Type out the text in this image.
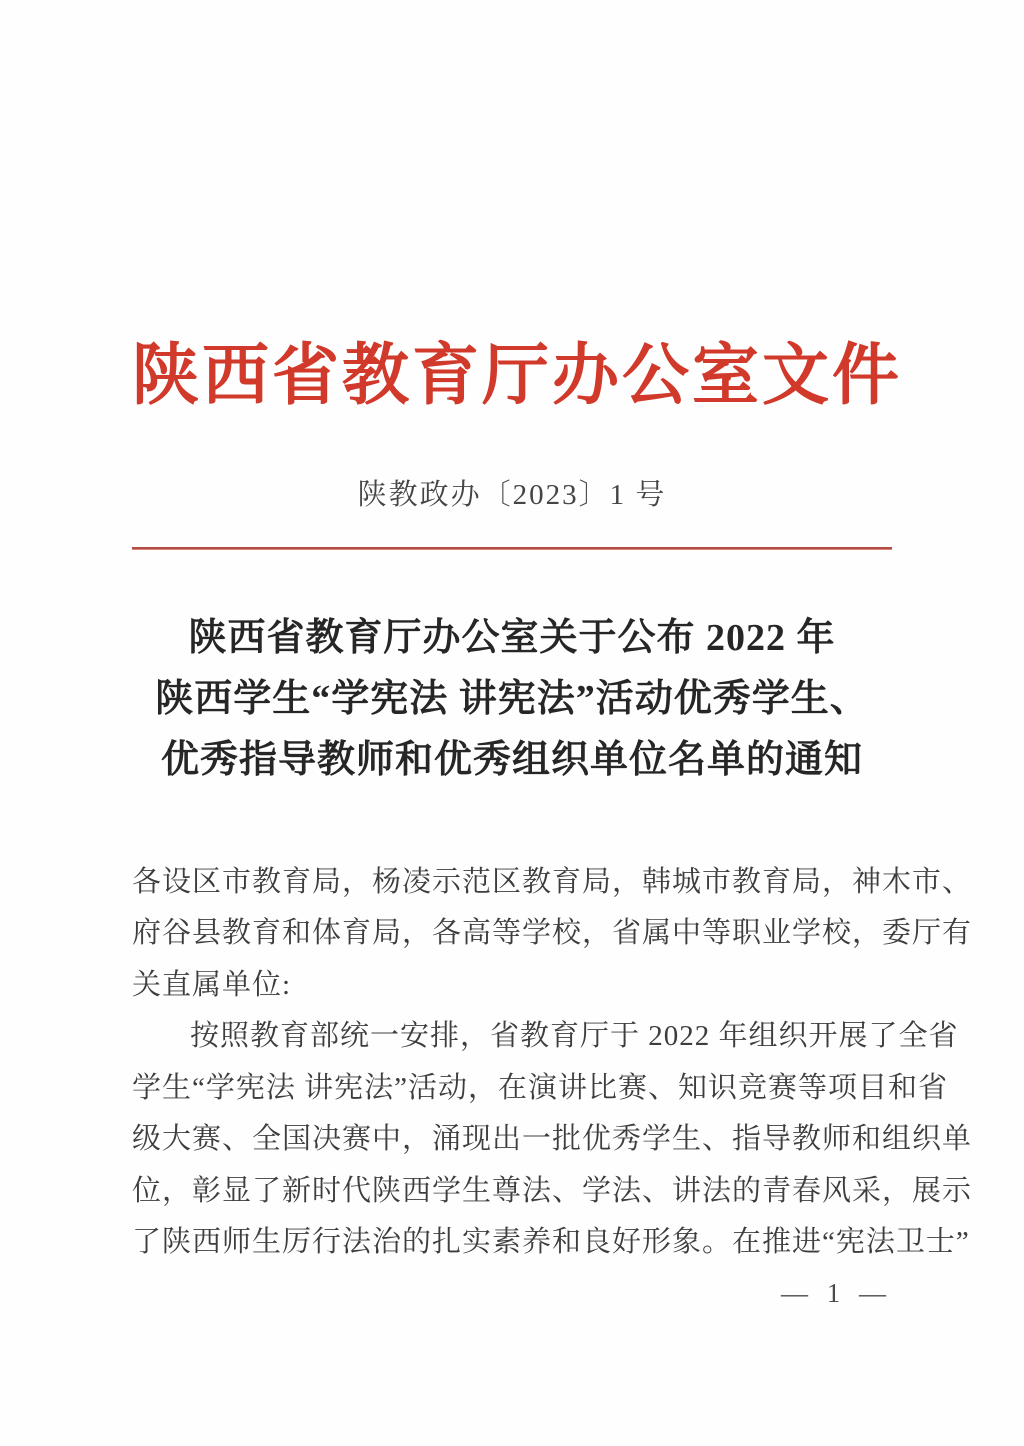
陕西省教育厅办公室文件
陕教政办〔2023〕1 号
陕西省教育厅办公室关于公布 2022 年
陕西学生“学宪法 讲宪法”活动优秀学生、
优秀指导教师和优秀组织单位名单的通知
各设区市教育局，杨凌示范区教育局，韩城市教育局，神木市、
府谷县教育和体育局，各高等学校，省属中等职业学校，委厅有
关直属单位:
按照教育部统一安排，省教育厅于 2022 年组织开展了全省
学生“学宪法 讲宪法”活动，在演讲比赛、知识竞赛等项目和省
级大赛、全国决赛中，涌现出一批优秀学生、指导教师和组织单
位，彰显了新时代陕西学生尊法、学法、讲法的青春风采，展示
了陕西师生厉行法治的扎实素养和良好形象。在推进“宪法卫士”
— 1 —
